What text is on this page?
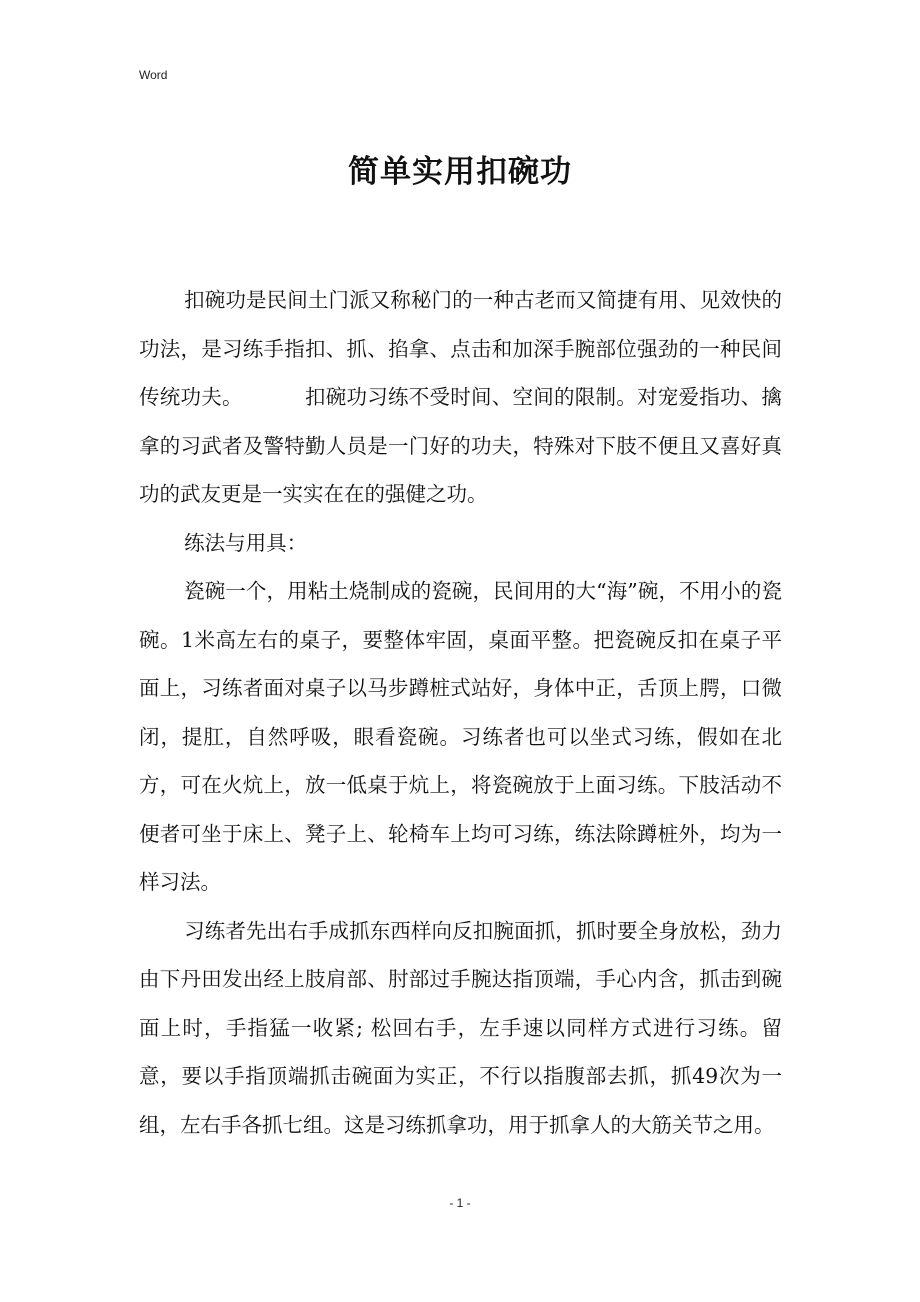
Word
简单实用扣碗功

扣碗功是民间土门派又称秘门的一种古老而又简捷有用、见效快的功法，是习练手指扣、抓、掐拿、点击和加深手腕部位强劲的一种民间传统功夫。	扣碗功习练不受时间、空间的限制。对宠爱指功、擒拿的习武者及警特勤人员是一门好的功夫，特殊对下肢不便且又喜好真功的武友更是一实实在在的强健之功。

练法与用具：

瓷碗一个，用粘土烧制成的瓷碗，民间用的大“海”碗，不用小的瓷碗。1米高左右的桌子，要整体牢固，桌面平整。把瓷碗反扣在桌子平面上，习练者面对桌子以马步蹲桩式站好，身体中正，舌顶上腭，口微闭，提肛，自然呼吸，眼看瓷碗。习练者也可以坐式习练，假如在北方，可在火炕上，放一低桌于炕上，将瓷碗放于上面习练。下肢活动不便者可坐于床上、凳子上、轮椅车上均可习练，练法除蹲桩外，均为一样习法。

习练者先出右手成抓东西样向反扣腕面抓，抓时要全身放松，劲力由下丹田发出经上肢肩部、肘部过手腕达指顶端，手心内含，抓击到碗面上时，手指猛一收紧; 松回右手，左手速以同样方式进行习练。留意，要以手指顶端抓击碗面为实正，不行以指腹部去抓，抓49次为一组，左右手各抓七组。这是习练抓拿功，用于抓拿人的大筋关节之用。

- 1 -
